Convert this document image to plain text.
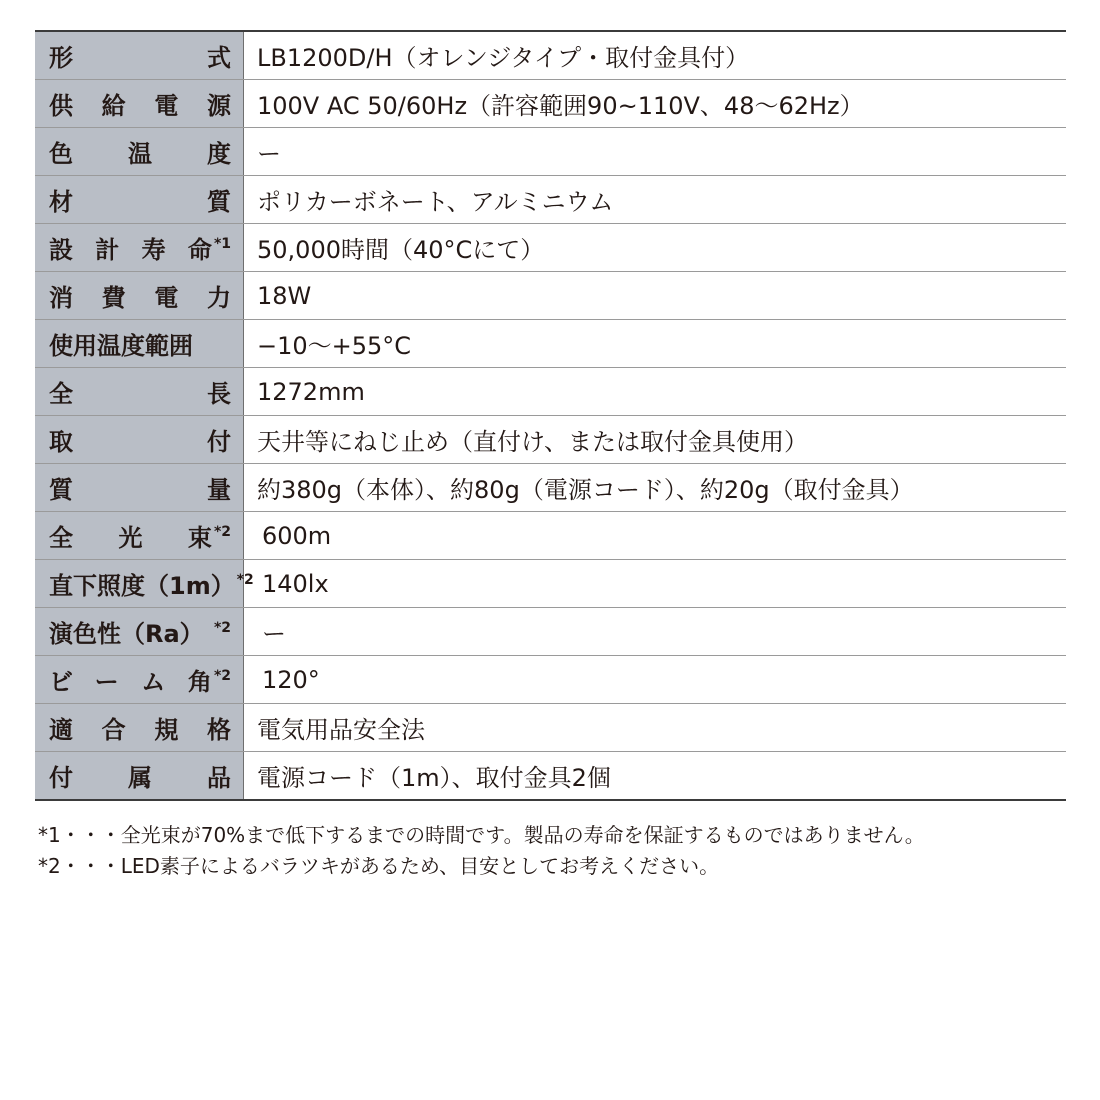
形式	LB1200D/H（オレンジタイプ・取付金具付）

供給電源	100V AC 50/60Hz（許容範囲90~110V、48〜62Hz）

色温度	ー

材質	ポリカーボネート、アルミニウム

設計寿命 *1	50,000時間（40°Cにて）

消費電力	18W

使用温度範囲	−10〜+55°C

全長	1272mm

取付	天井等にねじ止め（直付け、または取付金具使用）

質量	約380g（本体）、約80g（電源コード）、約20g（取付金具）

全光束 *2	600m

直下照度（1m） *2	140lx

演色性（Ra） *2	ー

ビーム角 *2	120°

適合規格	電気用品安全法

付属品	電源コード（1m）、取付金具2個
*1・・・全光束が70%まで低下するまでの時間です。製品の寿命を保証するものではありません。
*2・・・LED素子によるバラツキがあるため、目安としてお考えください。
